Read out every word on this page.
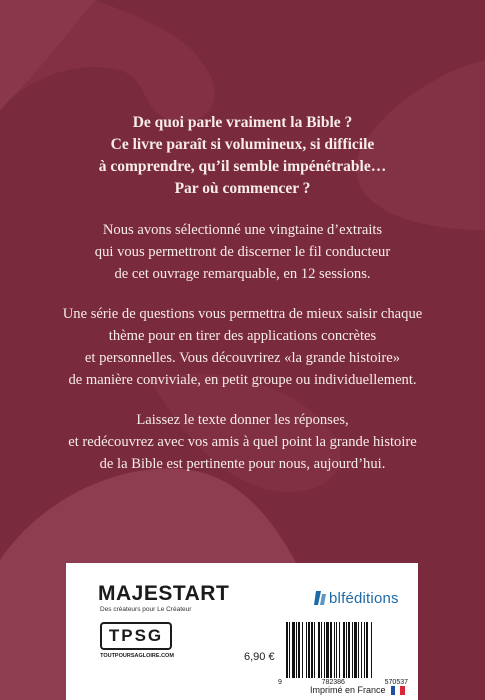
De quoi parle vraiment la Bible ?
Ce livre paraît si volumineux, si difficile
à comprendre, qu’il semble impénétrable…
Par où commencer ?

Nous avons sélectionné une vingtaine d’extraits
qui vous permettront de discerner le fil conducteur
de cet ouvrage remarquable, en 12 sessions.

Une série de questions vous permettra de mieux saisir chaque
thème pour en tirer des applications concrètes
et personnelles. Vous découvrirez «la grande histoire»
de manière conviviale, en petit groupe ou individuellement.

Laissez le texte donner les réponses,
et redécouvrez avec vos amis à quel point la grande histoire
de la Bible est pertinente pour nous, aujourd’hui.

MAJESTART
Des créateurs pour Le Créateur
blféditions
TPSG
TOUTPOURSAGLOIRE.COM	6,90 €
9	782386	570537
Imprimé en France
